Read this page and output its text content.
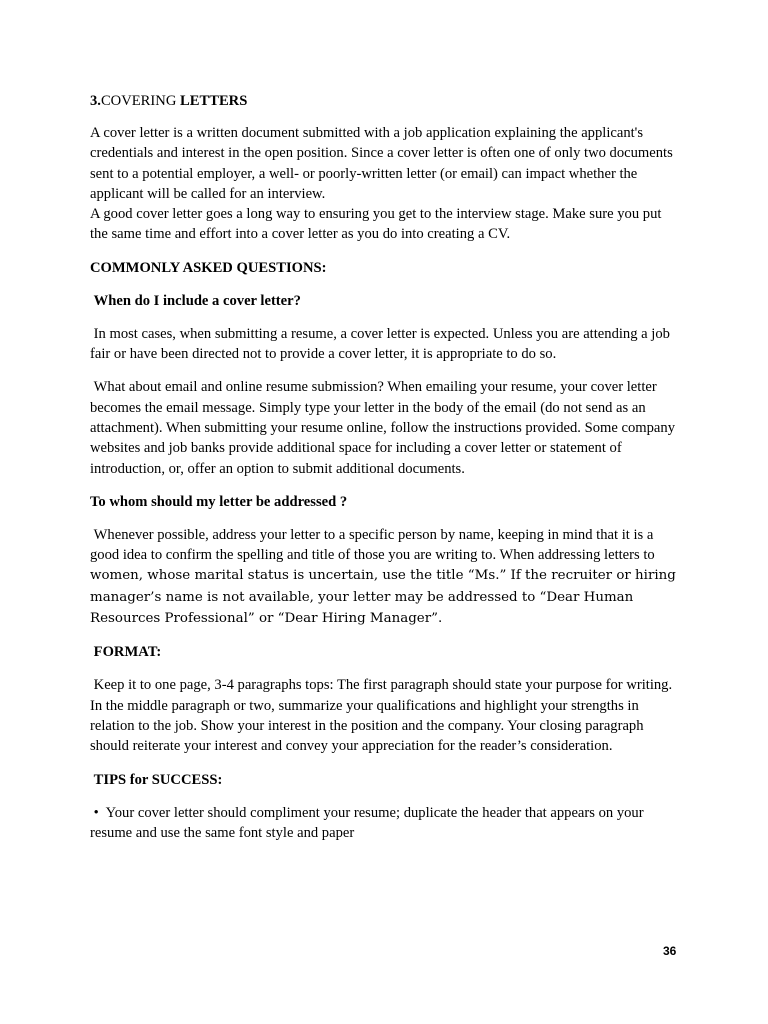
3.COVERING LETTERS

A cover letter is a written document submitted with a job application explaining the applicant's credentials and interest in the open position. Since a cover letter is often one of only two documents sent to a potential employer, a well- or poorly-written letter (or email) can impact whether the applicant will be called for an interview.

A good cover letter goes a long way to ensuring you get to the interview stage. Make sure you put the same time and effort into a cover letter as you do into creating a CV.

COMMONLY ASKED QUESTIONS:

When do I include a cover letter?

In most cases, when submitting a resume, a cover letter is expected. Unless you are attending a job fair or have been directed not to provide a cover letter, it is appropriate to do so.

What about email and online resume submission? When emailing your resume, your cover letter becomes the email message. Simply type your letter in the body of the email (do not send as an attachment). When submitting your resume online, follow the instructions provided. Some company websites and job banks provide additional space for including a cover letter or statement of introduction, or, offer an option to submit additional documents.

To whom should my letter be addressed ?

Whenever possible, address your letter to a specific person by name, keeping in mind that it is a good idea to confirm the spelling and title of those you are writing to. When addressing letters to women, whose marital status is uncertain, use the title “Ms.” If the recruiter or hiring manager’s name is not available, your letter may be addressed to “Dear Human Resources Professional” or “Dear Hiring Manager”.

FORMAT:

Keep it to one page, 3-4 paragraphs tops: The first paragraph should state your purpose for writing. In the middle paragraph or two, summarize your qualifications and highlight your strengths in relation to the job. Show your interest in the position and the company. Your closing paragraph should reiterate your interest and convey your appreciation for the reader’s consideration.

TIPS for SUCCESS:

• Your cover letter should compliment your resume; duplicate the header that appears on your resume and use the same font style and paper

36
